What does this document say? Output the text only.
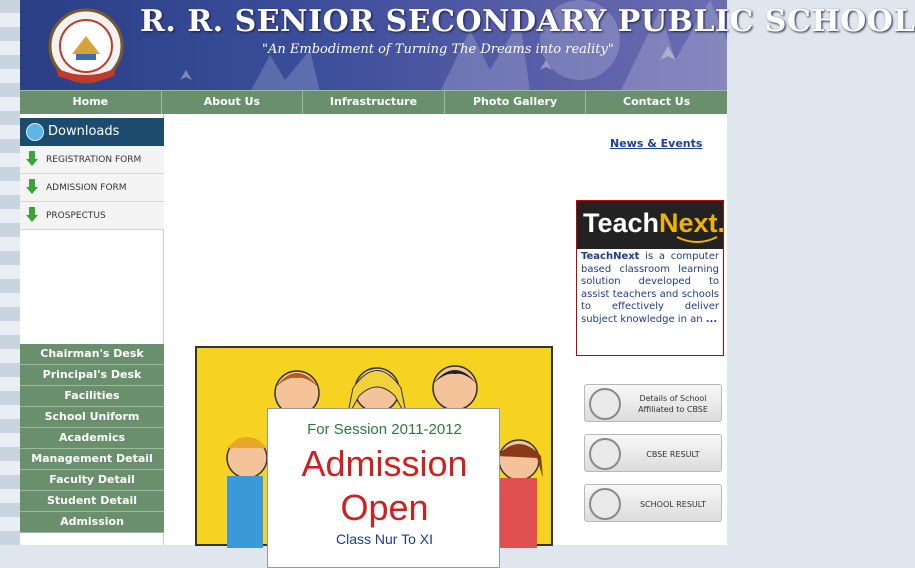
R. R. SENIOR SECONDARY PUBLIC SCHOOL
"An Embodiment of Turning The Dreams into reality"
Home	About Us	Infrastructure	Photo Gallery	Contact Us
Downloads
REGISTRATION FORM
ADMISSION FORM
PROSPECTUS
Chairman's Desk
Principal's Desk
Facilities
School Uniform
Academics
Management Detail
Faculty Detail
Student Detail
Admission
For Session 2011-2012
Admission
Open
Class Nur To XI
News & Events
TeachNext.
TeachNext is a computer based classroom learning solution developed to assist teachers and schools to effectively deliver subject knowledge in an ...
Details of School Affiliated to CBSE
CBSE RESULT
SCHOOL RESULT
